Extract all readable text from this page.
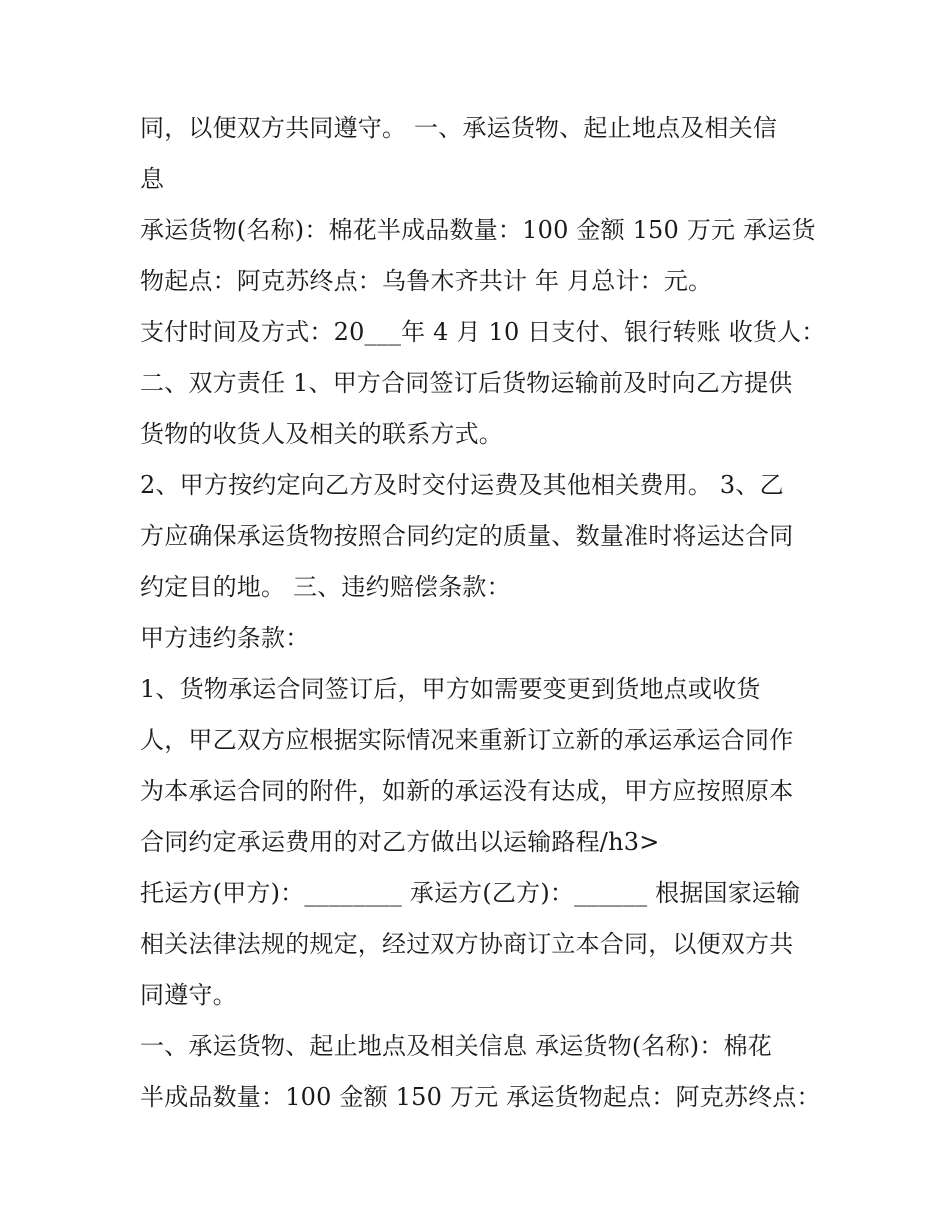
同，以便双方共同遵守。 一、承运货物、起止地点及相关信
息
承运货物(名称)：棉花半成品数量：100 金额 150 万元 承运货
物起点：阿克苏终点：乌鲁木齐共计 年 月总计：元。
支付时间及方式：20___年 4 月 10 日支付、银行转账 收货人：
二、双方责任 1、甲方合同签订后货物运输前及时向乙方提供
货物的收货人及相关的联系方式。
2、甲方按约定向乙方及时交付运费及其他相关费用。 3、乙
方应确保承运货物按照合同约定的质量、数量准时将运达合同
约定目的地。 三、违约赔偿条款：
甲方违约条款：
1、货物承运合同签订后，甲方如需要变更到货地点或收货
人，甲乙双方应根据实际情况来重新订立新的承运承运合同作
为本承运合同的附件，如新的承运没有达成，甲方应按照原本
合同约定承运费用的对乙方做出以运输路程/h3>
托运方(甲方)：________ 承运方(乙方)：______ 根据国家运输
相关法律法规的规定，经过双方协商订立本合同，以便双方共
同遵守。
一、承运货物、起止地点及相关信息 承运货物(名称)：棉花
半成品数量：100 金额 150 万元 承运货物起点：阿克苏终点：
